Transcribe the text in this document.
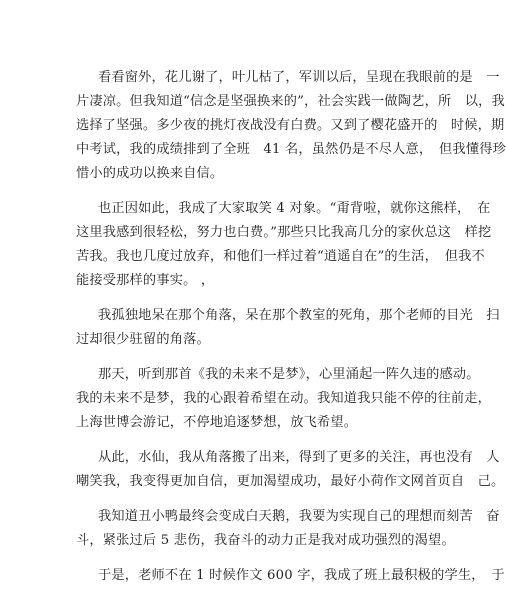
看看窗外，花儿谢了，叶儿枯了，军训以后，呈现在我眼前的是　一
片凄凉。但我知道“信念是坚强换来的”，社会实践一做陶艺，所　以，我
选择了坚强。多少夜的挑灯夜战没有白费。又到了樱花盛开的　时候，期
中考试，我的成绩排到了全班　41 名，虽然仍是不尽人意，　但我懂得珍
惜小的成功以换来自信。
也正因如此，我成了大家取笑 4 对象。“甭背啦，就你这熊样，　在
这里我感到很轻松，努力也白费。”那些只比我高几分的家伙总这　样挖
苦我。我也几度过放弃，和他们一样过着“逍遥自在”的生活，　但我不
能接受那样的事实。 ，
我孤独地呆在那个角落，呆在那个教室的死角，那个老师的目光　扫
过却很少驻留的角落。
那天，听到那首《我的未来不是梦》，心里涌起一阵久违的感动。
我的未来不是梦，我的心跟着希望在动。我知道我只能不停的往前走，
上海世博会游记，不停地追逐梦想，放飞希望。
从此，水仙，我从角落搬了出来，得到了更多的关注，再也没有　人
嘲笑我，我变得更加自信，更加渴望成功，最好小荷作文网首页自　己。
我知道丑小鸭最终会变成白天鹅，我要为实现自己的理想而刻苦　奋
斗，紧张过后 5 悲伤，我奋斗的动力正是我对成功强烈的渴望。
于是，老师不在 1 时候作文 600 字，我成了班上最积极的学生，　于
